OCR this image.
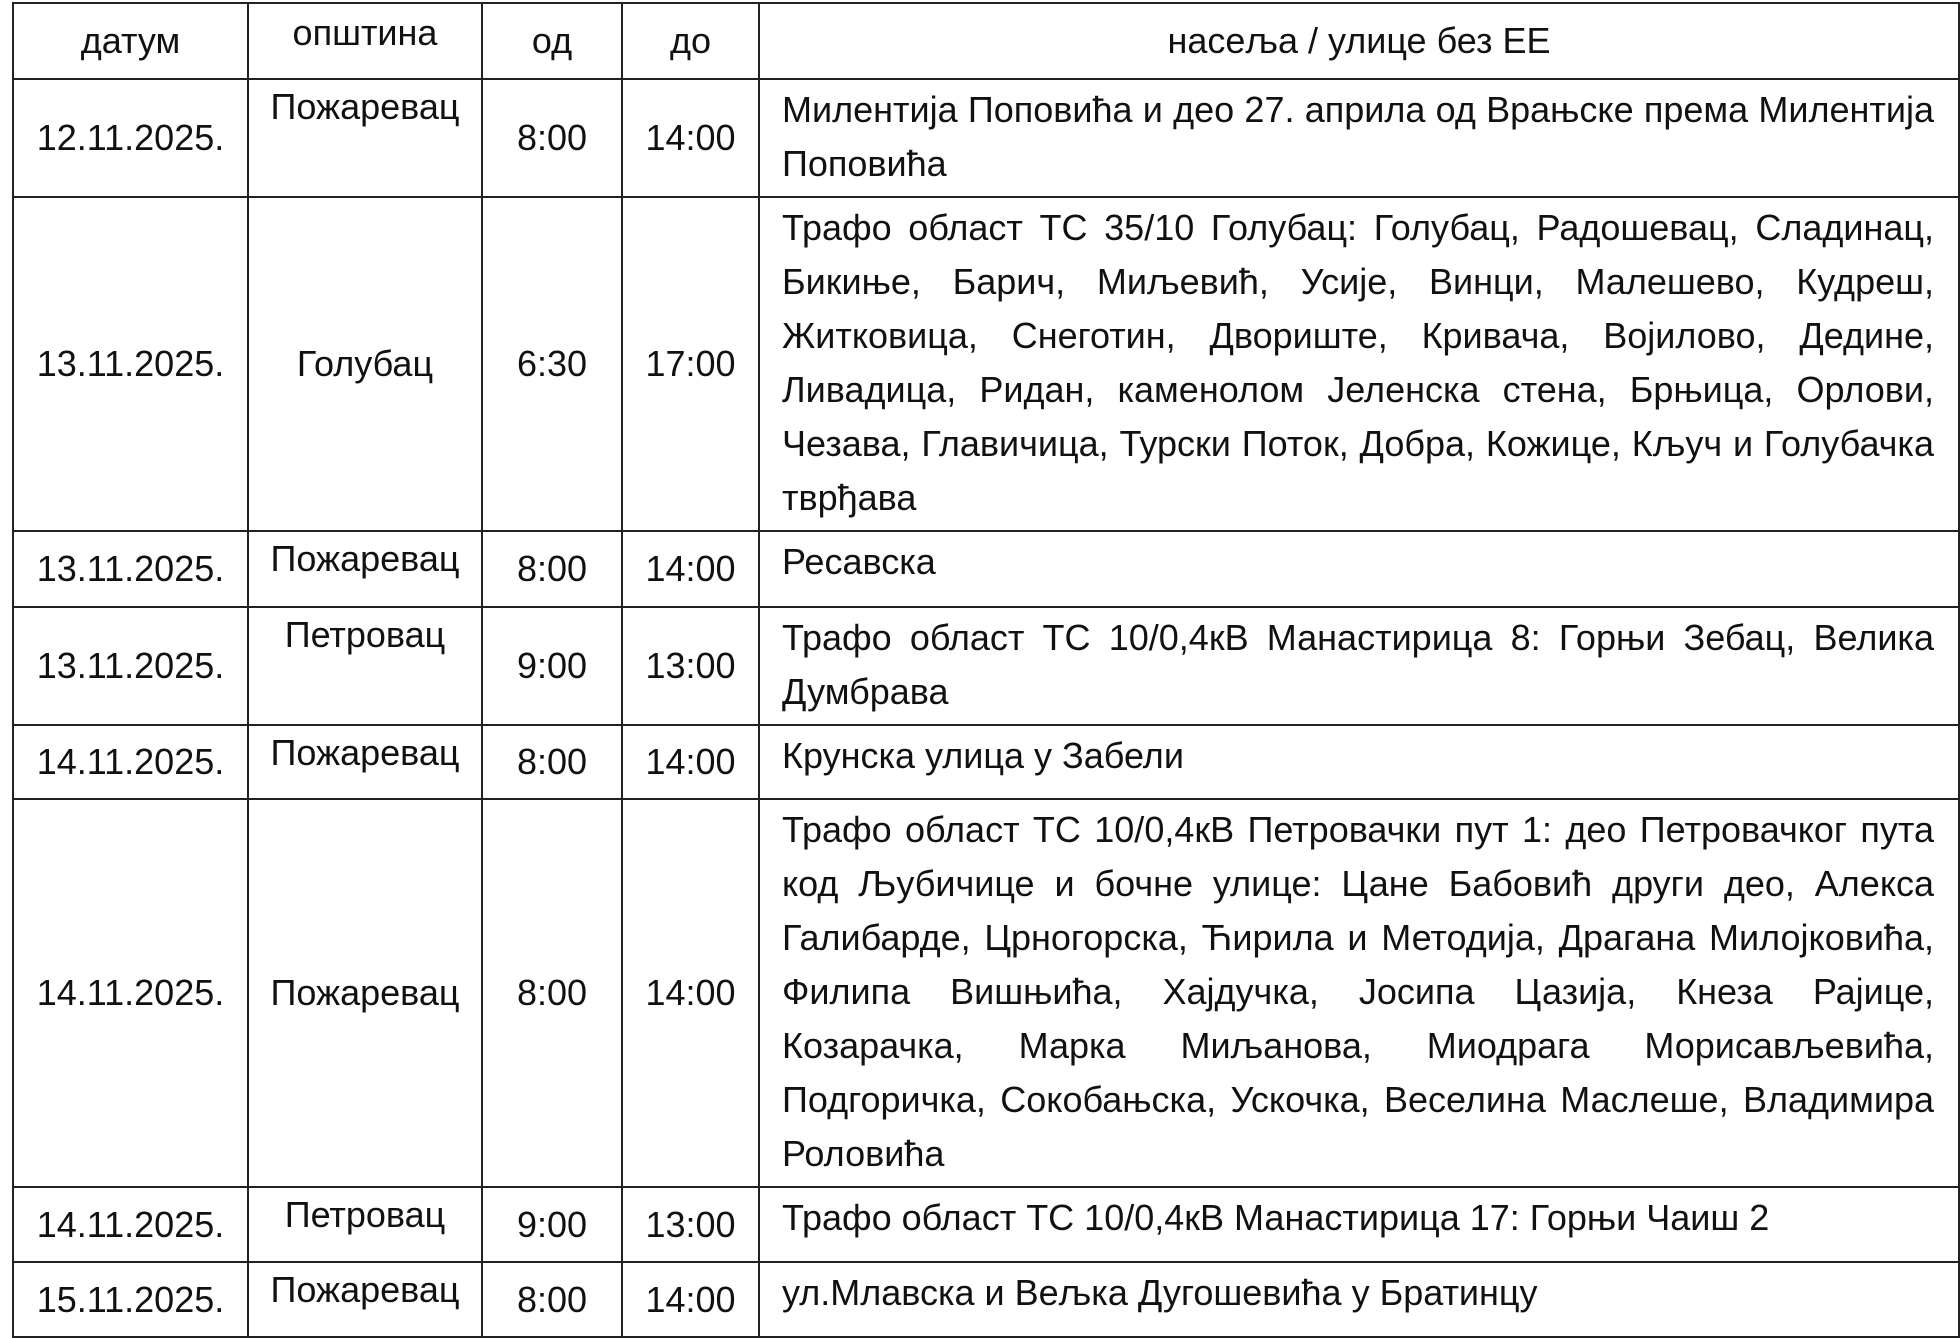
датум	општина	од	до	насеља / улице без ЕЕ
12.11.2025.	Пожаревац	8:00	14:00	Милентија Поповића и део 27. априла од Врањске према Милентија Поповића
13.11.2025.	Голубац	6:30	17:00	Трафо област ТС 35/10 Голубац: Голубац, Радошевац, Сладинац, Бикиње, Барич, Миљевић, Усије, Винци, Малешево, Кудреш, Житковица, Снеготин, Двориште, Кривача, Војилово, Дедине, Ливадица, Ридан, каменолом Јеленска стена, Брњица, Орлови, Чезава, Главичица, Турски Поток, Добра, Кожице, Кључ и Голубачка тврђава
13.11.2025.	Пожаревац	8:00	14:00	Ресавска
13.11.2025.	Петровац	9:00	13:00	Трафо област ТС 10/0,4кВ Манастирица 8: Горњи Зебац, Велика Думбрава
14.11.2025.	Пожаревац	8:00	14:00	Крунска улица у Забели
14.11.2025.	Пожаревац	8:00	14:00	Трафо област ТС 10/0,4кВ Петровачки пут 1: део Петровачког пута код Љубичице и бочне улице: Цане Бабовић други део, Алекса Галибарде, Црногорска, Ћирила и Методија, Драгана Милојковића, Филипа Вишњића, Хајдучка, Јосипа Цазија, Кнеза Рајице, Козарачка, Марка Миљанова, Миодрага Морисављевића, Подгоричка, Сокобањска, Ускочка, Веселина Маслеше, Владимира Роловића
14.11.2025.	Петровац	9:00	13:00	Трафо област ТС 10/0,4кВ Манастирица 17: Горњи Чаиш 2
15.11.2025.	Пожаревац	8:00	14:00	ул.Млавска и Вељка Дугошевића у Братинцу
